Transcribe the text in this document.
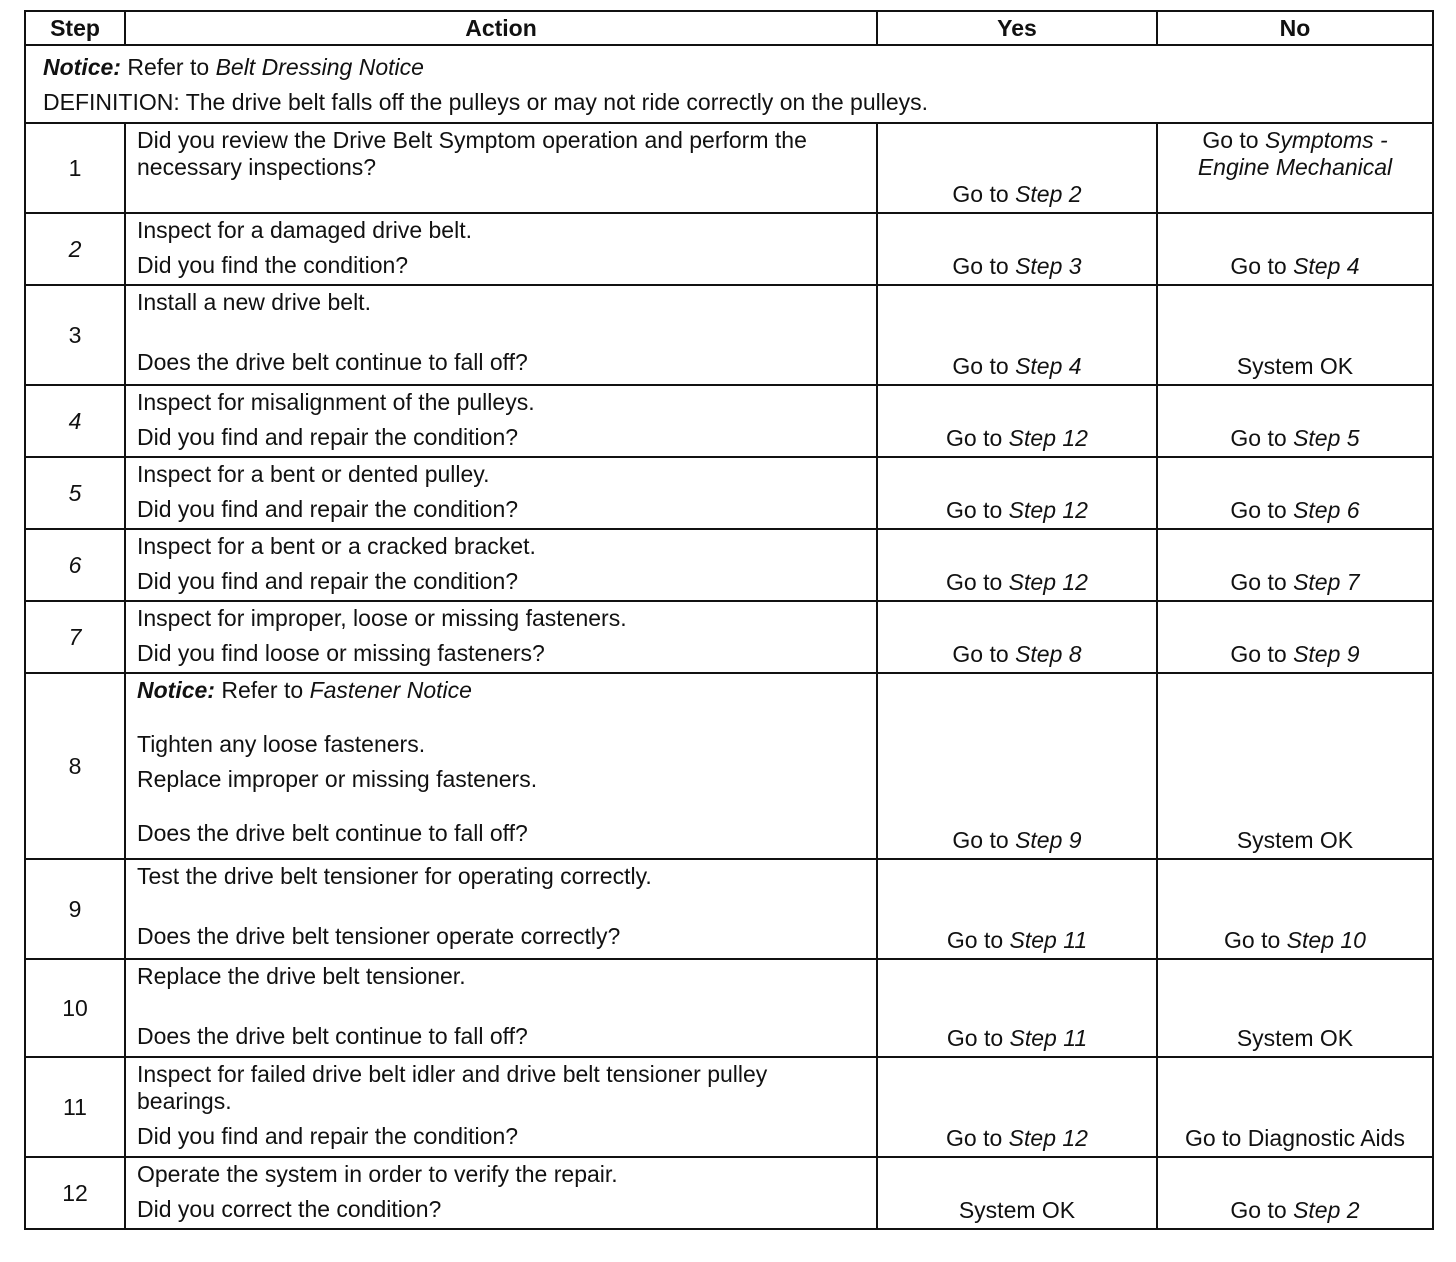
Step	Action	Yes	No

Notice: Refer to Belt Dressing Notice
DEFINITION: The drive belt falls off the pulleys or may not ride correctly on the pulleys.			

1	Did you review the Drive Belt Symptom operation and perform the
necessary inspections?	Go to Step 2	Go to Symptoms -
Engine Mechanical

2	Inspect for a damaged drive belt.
Did you find the condition?	Go to Step 3	Go to Step 4
3	Install a new drive belt.
Does the drive belt continue to fall off?	Go to Step 4	System OK
4	Inspect for misalignment of the pulleys.
Did you find and repair the condition?	Go to Step 12	Go to Step 5
5	Inspect for a bent or dented pulley.
Did you find and repair the condition?	Go to Step 12	Go to Step 6
6	Inspect for a bent or a cracked bracket.
Did you find and repair the condition?	Go to Step 12	Go to Step 7
7	Inspect for improper, loose or missing fasteners.
Did you find loose or missing fasteners?	Go to Step 8	Go to Step 9
8	Notice: Refer to Fastener Notice
Tighten any loose fasteners.
Replace improper or missing fasteners.
Does the drive belt continue to fall off?	Go to Step 9	System OK
9	Test the drive belt tensioner for operating correctly.
Does the drive belt tensioner operate correctly?	Go to Step 11	Go to Step 10
10	Replace the drive belt tensioner.
Does the drive belt continue to fall off?	Go to Step 11	System OK
11	Inspect for failed drive belt idler and drive belt tensioner pulley
bearings.
Did you find and repair the condition?	Go to Step 12	Go to Diagnostic Aids
12	Operate the system in order to verify the repair.
Did you correct the condition?	System OK	Go to Step 2
